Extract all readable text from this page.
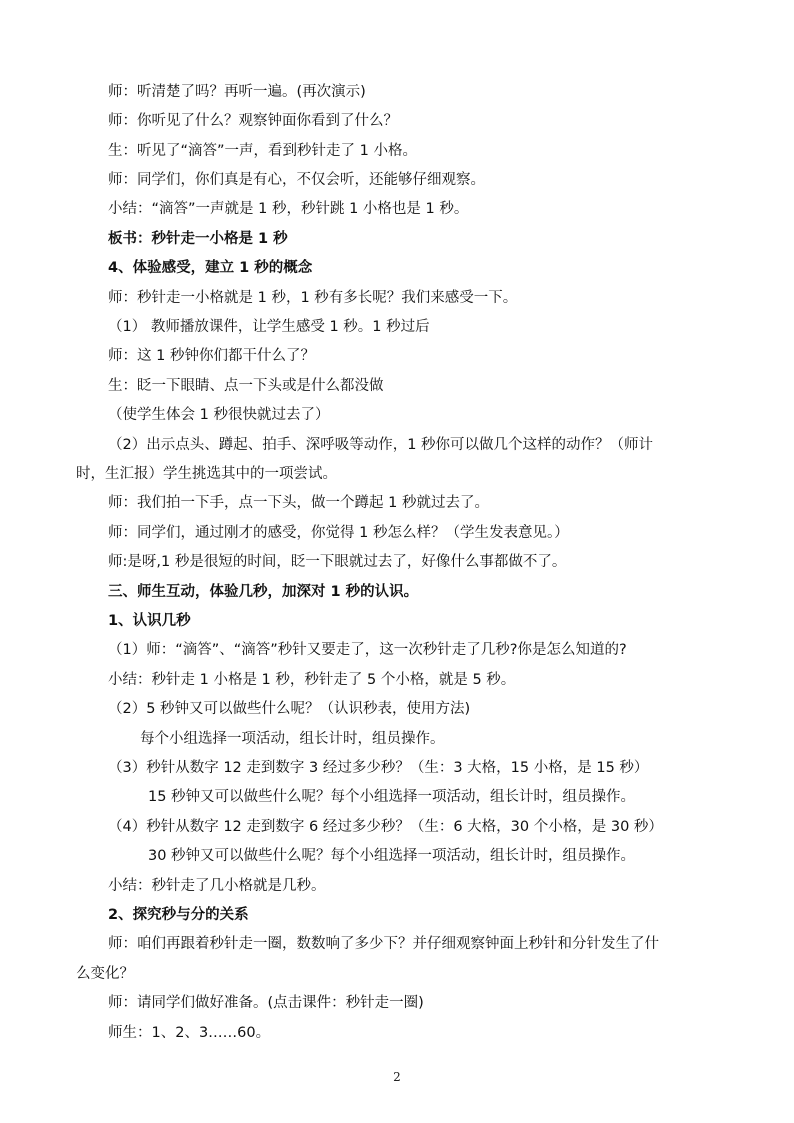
师：听清楚了吗？再听一遍。(再次演示)
师：你听见了什么？观察钟面你看到了什么？
生：听见了“滴答”一声，看到秒针走了 1 小格。
师：同学们，你们真是有心，不仅会听，还能够仔细观察。
小结：“滴答”一声就是 1 秒，秒针跳 1 小格也是 1 秒。
板书：秒针走一小格是 1 秒
4、体验感受，建立 1 秒的概念
师：秒针走一小格就是 1 秒，1 秒有多长呢？我们来感受一下。
（1） 教师播放课件，让学生感受 1 秒。1 秒过后
师：这 1 秒钟你们都干什么了？
生：眨一下眼睛、点一下头或是什么都没做
（使学生体会 1 秒很快就过去了）
（2）出示点头、蹲起、拍手、深呼吸等动作，1 秒你可以做几个这样的动作？（师计
时，生汇报）学生挑选其中的一项尝试。
师：我们拍一下手，点一下头，做一个蹲起 1 秒就过去了。
师：同学们，通过刚才的感受，你觉得 1 秒怎么样？（学生发表意见。）
师:是呀,1 秒是很短的时间，眨一下眼就过去了，好像什么事都做不了。
三、师生互动，体验几秒，加深对 1 秒的认识。
1、认识几秒
（1）师：“滴答”、“滴答”秒针又要走了，这一次秒针走了几秒?你是怎么知道的?
小结：秒针走 1 小格是 1 秒，秒针走了 5 个小格，就是 5 秒。
（2）5 秒钟又可以做些什么呢？（认识秒表，使用方法)
每个小组选择一项活动，组长计时，组员操作。
（3）秒针从数字 12 走到数字 3 经过多少秒？（生：3 大格，15 小格，是 15 秒）
15 秒钟又可以做些什么呢？每个小组选择一项活动，组长计时，组员操作。
（4）秒针从数字 12 走到数字 6 经过多少秒？（生：6 大格，30 个小格，是 30 秒）
30 秒钟又可以做些什么呢？每个小组选择一项活动，组长计时，组员操作。
小结：秒针走了几小格就是几秒。
2、探究秒与分的关系
师：咱们再跟着秒针走一圈，数数响了多少下？并仔细观察钟面上秒针和分针发生了什
么变化？
师：请同学们做好准备。(点击课件：秒针走一圈)
师生：1、2、3……60。
2
